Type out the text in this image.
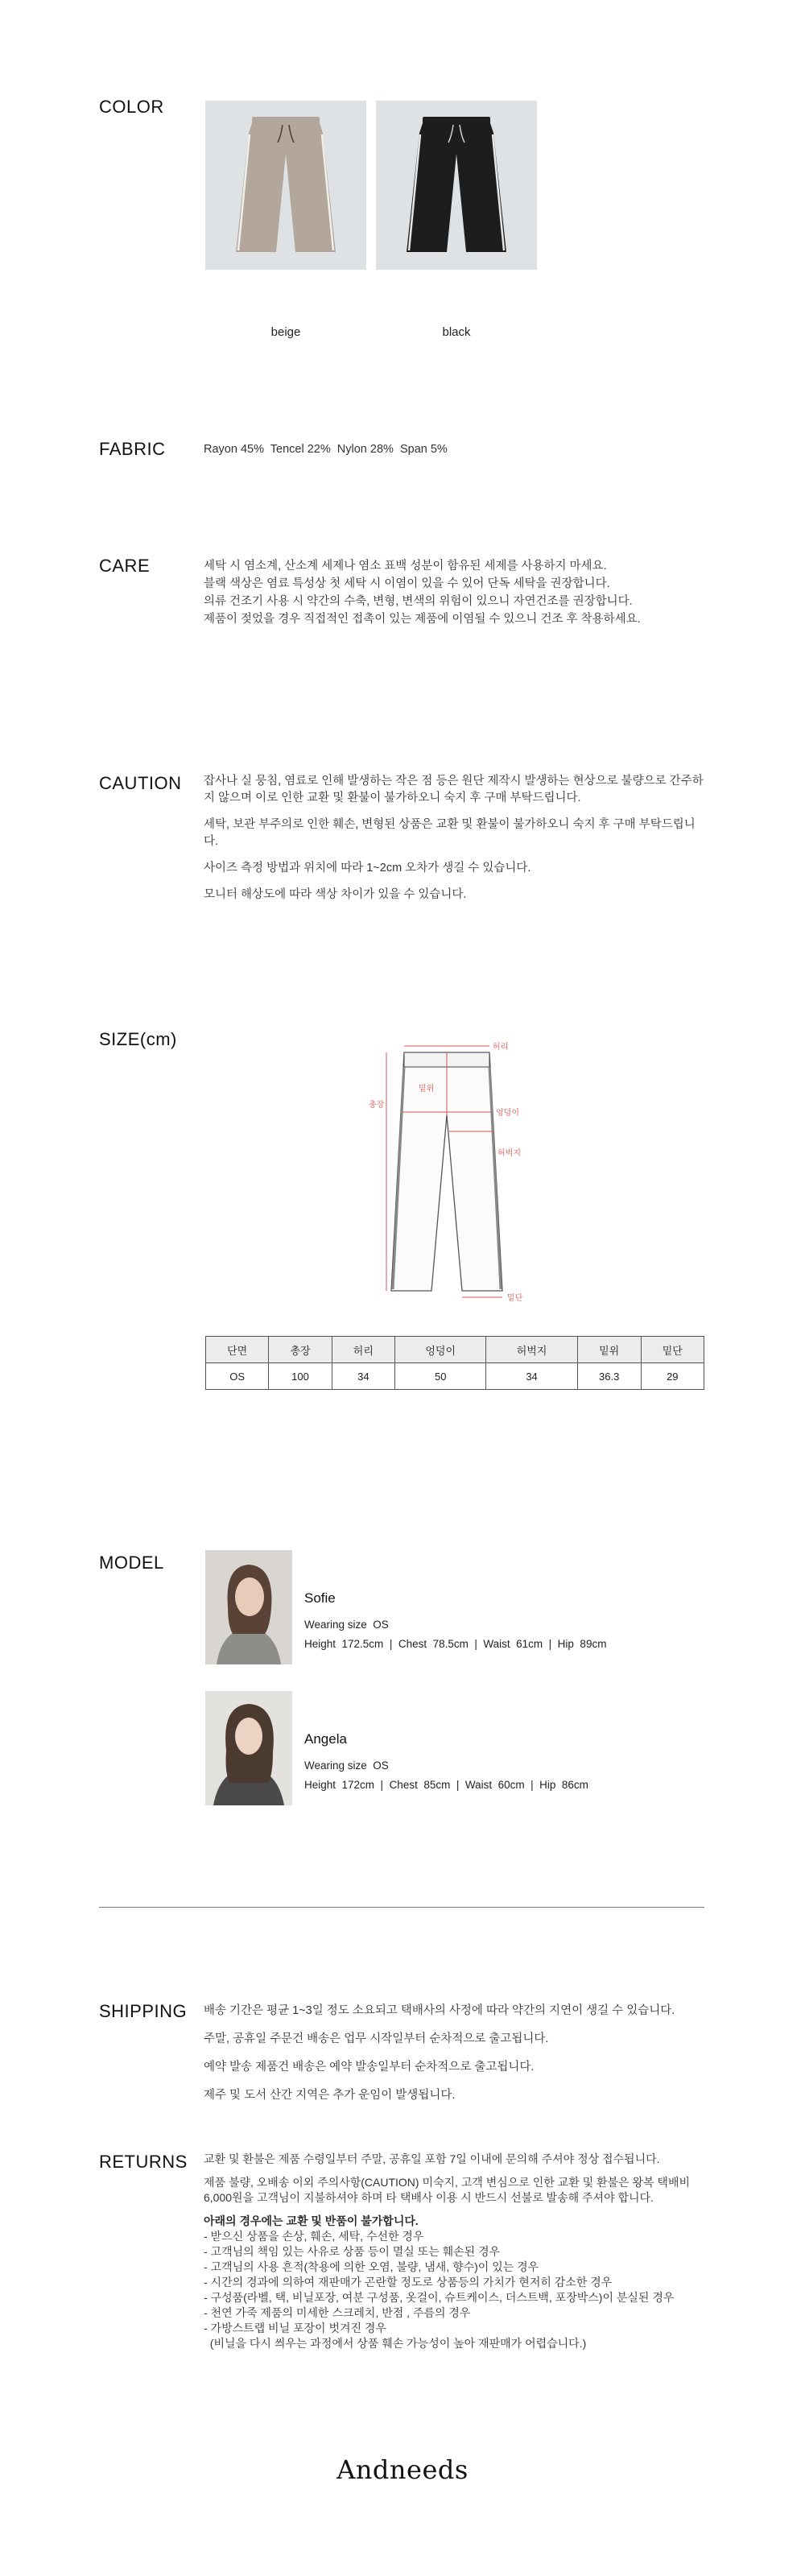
COLOR
beige	black
FABRIC	Rayon 45%  Tencel 22%  Nylon 28%  Span 5%
CARE	세탁 시 염소계, 산소계 세제나 염소 표백 성분이 함유된 세제를 사용하지 마세요.
블랙 색상은 염료 특성상 첫 세탁 시 이염이 있을 수 있어 단독 세탁을 권장합니다.
의류 건조기 사용 시 약간의 수축, 변형, 변색의 위험이 있으니 자연건조를 권장합니다.
제품이 젖었을 경우 직접적인 접촉이 있는 제품에 이염될 수 있으니 건조 후 착용하세요.
CAUTION 잡사나 실 뭉침, 염료로 인해 발생하는 작은 점 등은 원단 제작시 발생하는 현상으로 불량으로 간주하지 않으며 이로 인한 교환 및 환불이 불가하오니 숙지 후 구매 부탁드립니다.

세탁, 보관 부주의로 인한 훼손, 변형된 상품은 교환 및 환불이 불가하오니 숙지 후 구매 부탁드립니다.

사이즈 측정 방법과 위치에 따라 1~2cm 오차가 생길 수 있습니다.

모니터 해상도에 따라 색상 차이가 있을 수 있습니다.

SIZE(cm)	허리
총장
엉덩이
밑위
허벅지
밑단
단면	총장	허리	엉덩이	허벅지	밑위	밑단
OS	100	34	50	34	36.3	29
MODEL
Sofie
Wearing size  OS
Height  172.5cm  |  Chest  78.5cm  |  Waist  61cm  |  Hip  89cm
Angela
Wearing size  OS
Height  172cm  |  Chest  85cm  |  Waist  60cm  |  Hip  86cm
SHIPPING 배송 기간은 평균 1~3일 정도 소요되고 택배사의 사정에 따라 약간의 지연이 생길 수 있습니다.

주말, 공휴일 주문건 배송은 업무 시작일부터 순차적으로 출고됩니다.

예약 발송 제품건 배송은 예약 발송일부터 순차적으로 출고됩니다.

제주 및 도서 산간 지역은 추가 운임이 발생됩니다.

RETURNS 교환 및 환불은 제품 수령일부터 주말, 공휴일 포함 7일 이내에 문의해 주셔야 정상 접수됩니다.

제품 불량, 오배송 이외 주의사항(CAUTION) 미숙지, 고객 변심으로 인한 교환 및 환불은 왕복 택배비 6,000원을 고객님이 지불하셔야 하며 타 택배사 이용 시 반드시 선불로 발송해 주셔야 합니다.

아래의 경우에는 교환 및 반품이 불가합니다.
- 받으신 상품을 손상, 훼손, 세탁, 수선한 경우
- 고객님의 책임 있는 사유로 상품 등이 멸실 또는 훼손된 경우
- 고객님의 사용 흔적(착용에 의한 오염, 불량, 냄새, 향수)이 있는 경우
- 시간의 경과에 의하여 재판매가 곤란할 정도로 상품등의 가치가 현저히 감소한 경우
- 구성품(라벨, 택, 비닐포장, 여분 구성품, 옷걸이, 슈트케이스, 더스트백, 포장박스)이 분실된 경우
- 천연 가죽 제품의 미세한 스크레치, 반점 , 주름의 경우
- 가방스트랩 비닐 포장이 벗겨진 경우
(비닐을 다시 씌우는 과정에서 상품 훼손 가능성이 높아 재판매가 어렵습니다.)
Andneeds
